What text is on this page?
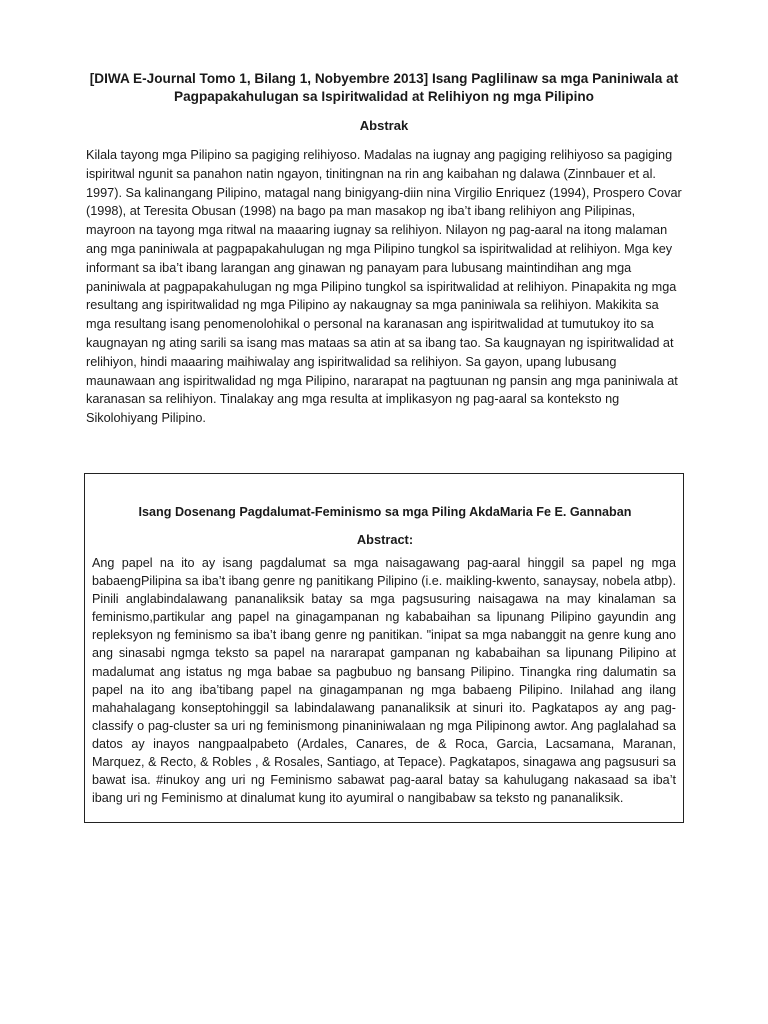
[DIWA E-Journal Tomo 1, Bilang 1, Nobyembre 2013] Isang Paglilinaw sa mga Paniniwala at Pagpapakahulugan sa Ispiritwalidad at Relihiyon ng mga Pilipino
Abstrak
Kilala tayong mga Pilipino sa pagiging relihiyoso. Madalas na iugnay ang pagiging relihiyoso sa pagiging ispiritwal ngunit sa panahon natin ngayon, tinitingnan na rin ang kaibahan ng dalawa (Zinnbauer et al. 1997). Sa kalinangang Pilipino, matagal nang binigyang-diin nina Virgilio Enriquez (1994), Prospero Covar (1998), at Teresita Obusan (1998) na bago pa man masakop ng iba’t ibang relihiyon ang Pilipinas, mayroon na tayong mga ritwal na maaaring iugnay sa relihiyon. Nilayon ng pag-aaral na itong malaman ang mga paniniwala at pagpapakahulugan ng mga Pilipino tungkol sa ispiritwalidad at relihiyon. Mga key informant sa iba’t ibang larangan ang ginawan ng panayam para lubusang maintindihan ang mga paniniwala at pagpapakahulugan ng mga Pilipino tungkol sa ispiritwalidad at relihiyon. Pinapakita ng mga resultang ang ispiritwalidad ng mga Pilipino ay nakaugnay sa mga paniniwala sa relihiyon. Makikita sa mga resultang isang penomenolohikal o personal na karanasan ang ispiritwalidad at tumutukoy ito sa kaugnayan ng ating sarili sa isang mas mataas sa atin at sa ibang tao. Sa kaugnayan ng ispiritwalidad at relihiyon, hindi maaaring maihiwalay ang ispiritwalidad sa relihiyon. Sa gayon, upang lubusang maunawaan ang ispiritwalidad ng mga Pilipino, nararapat na pagtuunan ng pansin ang mga paniniwala at karanasan sa relihiyon. Tinalakay ang mga resulta at implikasyon ng pag-aaral sa konteksto ng Sikolohiyang Pilipino.
Isang Dosenang Pagdalumat-Feminismo sa mga Piling AkdaMaria Fe E. Gannaban
Abstract:
Ang papel na ito ay isang pagdalumat sa mga naisagawang pag-aaral hinggil sa papel ng mga babaengPilipina sa iba’t ibang genre ng panitikang Pilipino (i.e. maikling-kwento, sanaysay, nobela atbp). Pinili anglabindalawang pananaliksik batay sa mga pagsusuring naisagawa na may kinalaman sa feminismo,partikular ang papel na ginagampanan ng kababaihan sa lipunang Pilipino gayundin ang repleksyon ng feminismo sa iba’t ibang genre ng panitikan. "inipat sa mga nabanggit na genre kung ano ang sinasabi ngmga teksto sa papel na nararapat gampanan ng kababaihan sa lipunang Pilipino at madalumat ang istatus ng mga babae sa pagbubuo ng bansang Pilipino. Tinangka ring dalumatin sa papel na ito ang iba’tibang papel na ginagampanan ng mga babaeng Pilipino. Inilahad ang ilang mahahalagang konseptohinggil sa labindalawang pananaliksik at sinuri ito. Pagkatapos ay ang pag-classify o pag-cluster sa uri ng feminismong pinaniniwalaan ng mga Pilipinong awtor. Ang paglalahad sa datos ay inayos nangpaalpabeto (Ardales, Canares, de & Roca, Garcia, Lacsamana, Maranan, Marquez, & Recto, & Robles , & Rosales, Santiago, at Tepace). Pagkatapos, sinagawa ang pagsusuri sa bawat isa. #inukoy ang uri ng Feminismo sabawat pag-aaral batay sa kahulugang nakasaad sa iba’t ibang uri ng Feminismo at dinalumat kung ito ayumiral o nangibabaw sa teksto ng pananaliksik.
